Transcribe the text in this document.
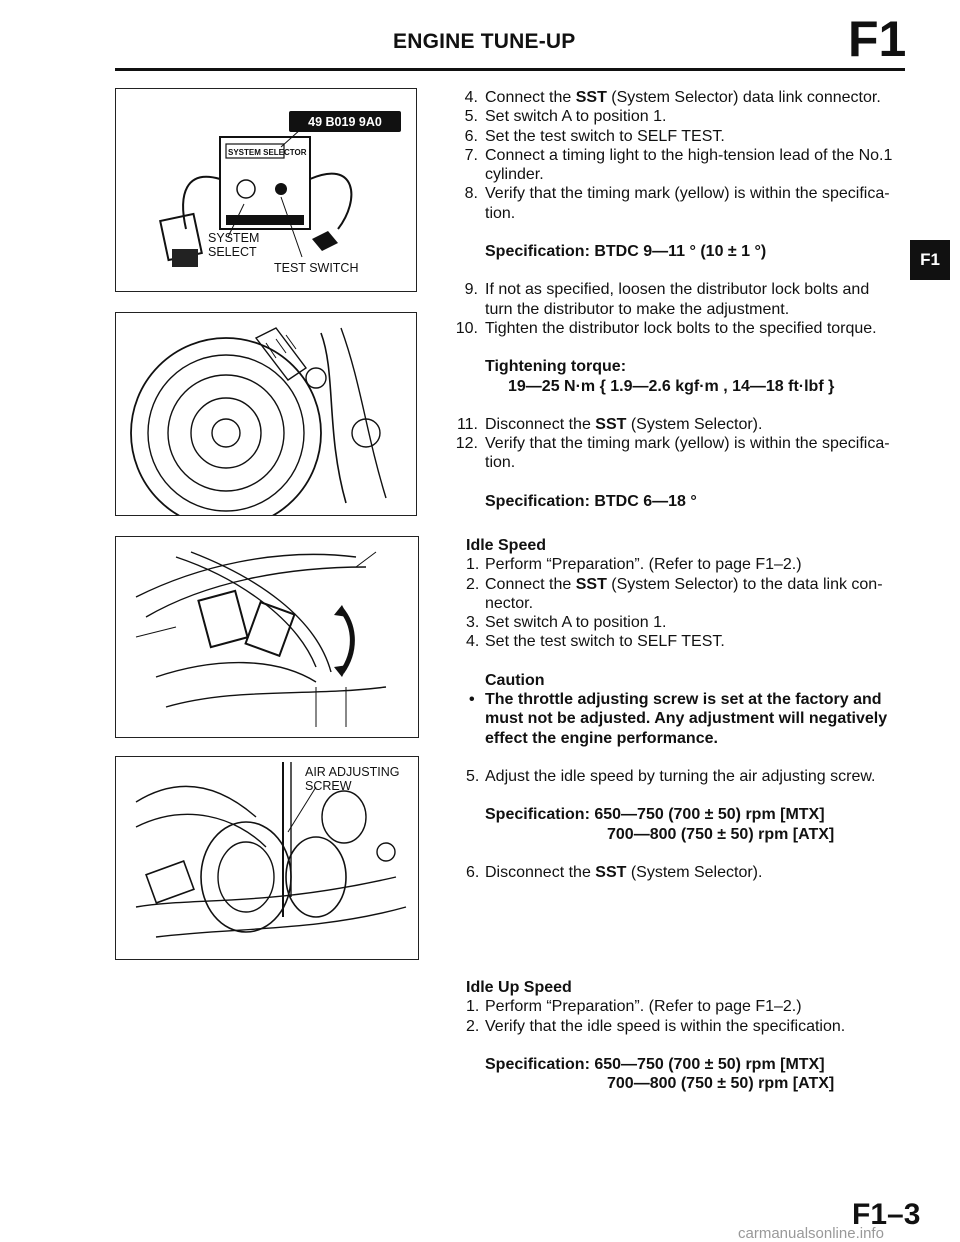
ENGINE TUNE-UP	F1
F1
49 B019 9A0
SYSTEM SELECTOR
SYSTEM
SELECT
TEST SWITCH
AIR ADJUSTING
SCREW
4. Connect the SST (System Selector) data link connector.
5. Set switch A to position 1.
6. Set the test switch to SELF TEST.
7. Connect a timing light to the high-tension lead of the No.1 cylinder.
8. Verify that the timing mark (yellow) is within the specifica-tion.
Specification: BTDC 9—11 ° (10 ± 1 °)
9. If not as specified, loosen the distributor lock bolts and turn the distributor to make the adjustment.
10. Tighten the distributor lock bolts to the specified torque.
Tightening torque:
19—25 N·m { 1.9—2.6 kgf·m , 14—18 ft·lbf }
11. Disconnect the SST (System Selector).
12. Verify that the timing mark (yellow) is within the specifica-tion.
Specification: BTDC 6—18 °
Idle Speed
1. Perform “Preparation”. (Refer to page F1–2.)
2. Connect the SST (System Selector) to the data link con-nector.
3. Set switch A to position 1.
4. Set the test switch to SELF TEST.
Caution
• The throttle adjusting screw is set at the factory and must not be adjusted. Any adjustment will negatively effect the engine performance.
5. Adjust the idle speed by turning the air adjusting screw.
Specification: 650—750 (700 ± 50) rpm [MTX]
700—800 (750 ± 50) rpm [ATX]
6. Disconnect the SST (System Selector).
Idle Up Speed
1. Perform “Preparation”. (Refer to page F1–2.)
2. Verify that the idle speed is within the specification.
Specification: 650—750 (700 ± 50) rpm [MTX]
700—800 (750 ± 50) rpm [ATX]
F1–3
carmanualsonline.info
